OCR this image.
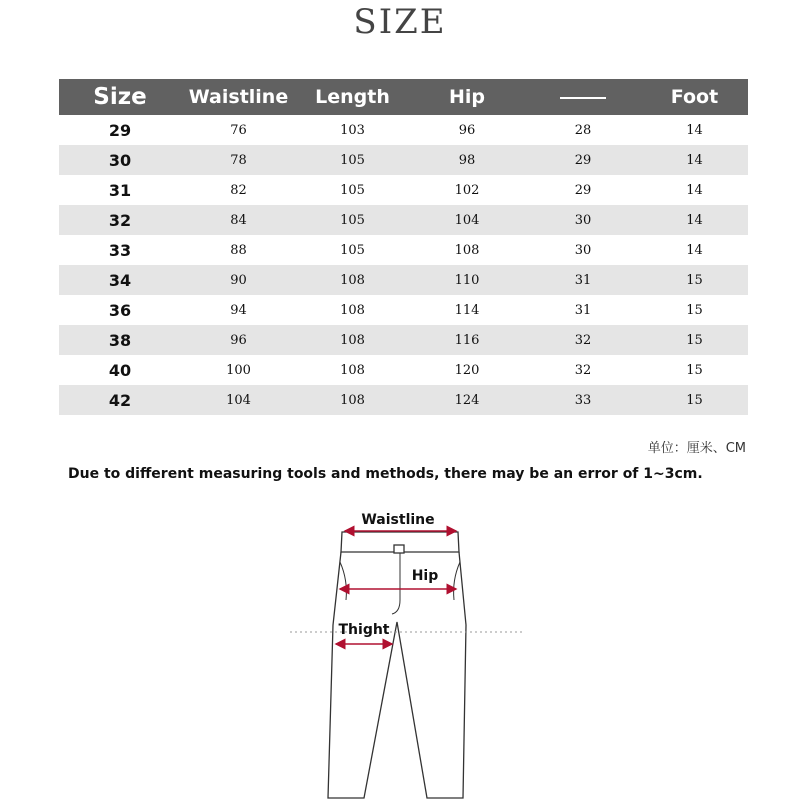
SIZE
Size	Waistline	Length	Hip		Foot
29	76	103	96	28	14
30	78	105	98	29	14
31	82	105	102	29	14
32	84	105	104	30	14
33	88	105	108	30	14
34	90	108	110	31	15
36	94	108	114	31	15
38	96	108	116	32	15
40	100	108	120	32	15
42	104	108	124	33	15
单位：厘米、CM
Due to different measuring tools and methods, there may be an error of 1~3cm.
Waistline
Hip
Thight
